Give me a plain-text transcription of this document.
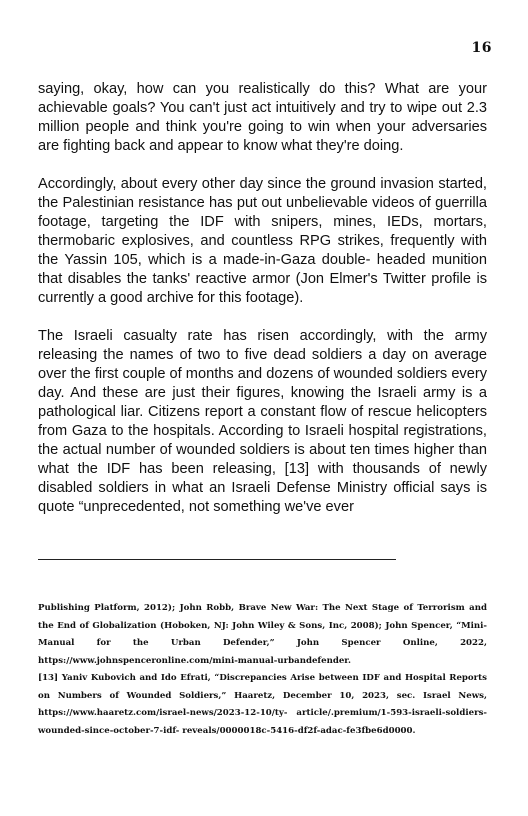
16

saying, okay, how can you realistically do this? What are your achievable goals? You can't just act intuitively and try to wipe out 2.3 million people and think you're going to win when your adversaries are fighting back and appear to know what they're doing.

Accordingly, about every other day since the ground invasion started, the Palestinian resistance has put out unbelievable videos of guerrilla footage, targeting the IDF with snipers, mines, IEDs, mortars, thermobaric explosives, and countless RPG strikes, frequently with the Yassin 105, which is a made-in-Gaza double- headed munition that disables the tanks' reactive armor (Jon Elmer's Twitter profile is currently a good archive for this footage).

The Israeli casualty rate has risen accordingly, with the army releasing the names of two to five dead soldiers a day on average over the first couple of months and dozens of wounded soldiers every day. And these are just their figures, knowing the Israeli army is a pathological liar. Citizens report a constant flow of rescue helicopters from Gaza to the hospitals. According to Israeli hospital registrations, the actual number of wounded soldiers is about ten times higher than what the IDF has been releasing, [13] with thousands of newly disabled soldiers in what an Israeli Defense Ministry official says is quote “unprecedented, not something we've ever

Publishing Platform, 2012); John Robb, Brave New War: The Next Stage of Terrorism and the End of Globalization (Hoboken, NJ: John Wiley & Sons, Inc, 2008); John Spencer, “Mini-Manual for the Urban Defender,” John Spencer Online, 2022, https://www.johnspenceronline.com/mini-manual-urbandefender.

[13] Yaniv Kubovich and Ido Efrati, “Discrepancies Arise between IDF and Hospital Reports on Numbers of Wounded Soldiers,” Haaretz, December 10, 2023, sec. Israel News, https://www.haaretz.com/israel-news/2023-12-10/ty- article/.premium/1-593-israeli-soldiers-wounded-since-october-7-idf- reveals/0000018c-5416-df2f-adac-fe3fbe6d0000.
